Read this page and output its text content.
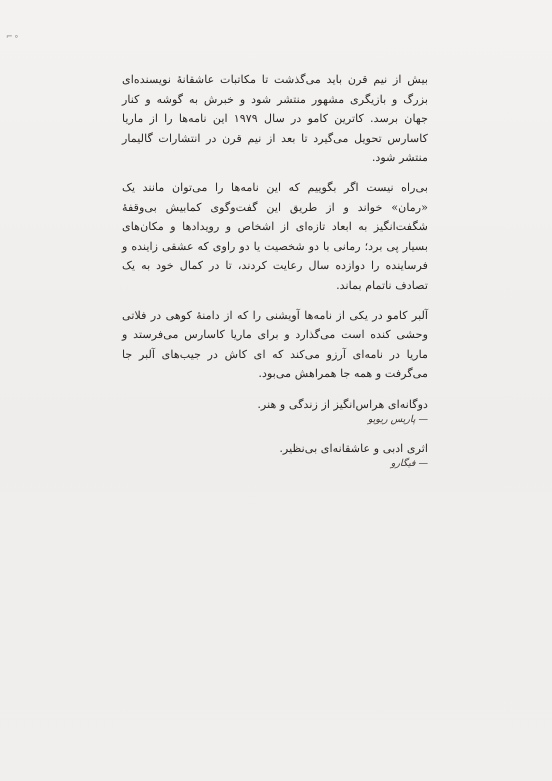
⌐∘

بیش از نیم قرن باید می‌گذشت تا مکاتبات عاشقانهٔ نویسنده‌ای بزرگ و بازیگری مشهور منتشر شود و خبرش به گوشه و کنار جهان برسد. کاترین کامو در سال ۱۹۷۹ این نامه‌ها را از ماریا کاسارس تحویل می‌گیرد تا بعد از نیم قرن در انتشارات گالیمار منتشر شود.

بی‌راه نیست اگر بگوییم که این نامه‌ها را می‌توان مانند یک «رمان» خواند و از طریق این گفت‌وگوی کمابیش بی‌وقفهٔ شگفت‌انگیز به ابعاد تازه‌ای از اشخاص و رویدادها و مکان‌های بسیار پی برد؛ رمانی با دو شخصیت یا دو راوی که عشقی زاینده و فرساینده را دوازده سال رعایت کردند، تا در کمال خود به یک تصادف ناتمام بماند.

آلبر کامو در یکی از نامه‌ها آویشنی را که از دامنهٔ کوهی در فلاتی وحشی کنده است می‌گذارد و برای ماریا کاسارس می‌فرستد و ماریا در نامه‌ای آرزو می‌کند که ای کاش در جیب‌های آلبر جا می‌گرفت و همه جا همراهش می‌بود.

دوگانه‌ای هراس‌انگیز از زندگی و هنر.
— پاریس ریویو
اثری ادبی و عاشقانه‌ای بی‌نظیر.
— فیگارو
